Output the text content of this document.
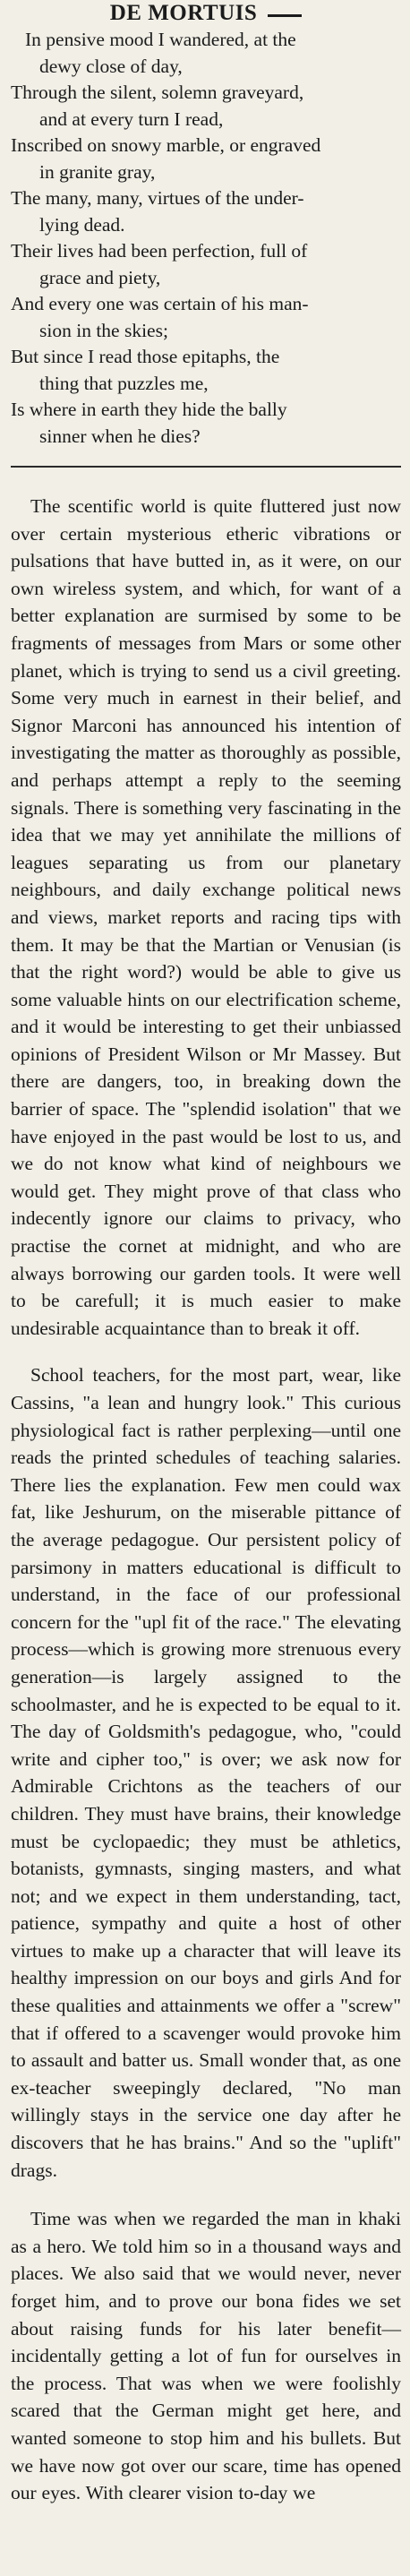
DE MORTUIS
In pensive mood I wandered, at the
dewy close of day,
Through the silent, solemn graveyard,
and at every turn I read,
Inscribed on snowy marble, or engraved
in granite gray,
The many, many, virtues of the under-
lying dead.
Their lives had been perfection, full of
grace and piety,
And every one was certain of his man-
sion in the skies;
But since I read those epitaphs, the
thing that puzzles me,
Is where in earth they hide the bally
sinner when he dies?

The scentific world is quite fluttered just now over certain mysterious etheric vibrations or pulsations that have butted in, as it were, on our own wireless system, and which, for want of a better explanation are surmised by some to be fragments of messages from Mars or some other planet, which is trying to send us a civil greeting. Some very much in earnest in their belief, and Signor Marconi has announced his intention of investigating the matter as thoroughly as possible, and perhaps attempt a reply to the seeming signals. There is something very fascinating in the idea that we may yet annihilate the millions of leagues separating us from our planetary neighbours, and daily exchange political news and views, market reports and racing tips with them. It may be that the Martian or Venusian (is that the right word?) would be able to give us some valuable hints on our electrification scheme, and it would be interesting to get their unbiassed opinions of President Wilson or Mr Massey. But there are dangers, too, in breaking down the barrier of space. The "splendid isolation" that we have enjoyed in the past would be lost to us, and we do not know what kind of neighbours we would get. They might prove of that class who indecently ignore our claims to privacy, who practise the cornet at midnight, and who are always borrowing our garden tools. It were well to be carefull; it is much easier to make undesirable acquaintance than to break it off.

School teachers, for the most part, wear, like Cassins, "a lean and hungry look." This curious physiological fact is rather perplexing—until one reads the printed schedules of teaching salaries. There lies the explanation. Few men could wax fat, like Jeshurum, on the miserable pittance of the average pedagogue. Our persistent policy of parsimony in matters educational is difficult to understand, in the face of our professional concern for the "upl fit of the race." The elevating process—which is growing more strenuous every generation—is largely assigned to the schoolmaster, and he is expected to be equal to it. The day of Goldsmith's pedagogue, who, "could write and cipher too," is over; we ask now for Admirable Crichtons as the teachers of our children. They must have brains, their knowledge must be cyclopaedic; they must be athletics, botanists, gymnasts, singing masters, and what not; and we expect in them understanding, tact, patience, sympathy and quite a host of other virtues to make up a character that will leave its healthy impression on our boys and girls And for these qualities and attainments we offer a "screw" that if offered to a scavenger would provoke him to assault and batter us. Small wonder that, as one ex-teacher sweepingly declared, "No man willingly stays in the service one day after he discovers that he has brains." And so the "uplift" drags.

Time was when we regarded the man in khaki as a hero. We told him so in a thousand ways and places. We also said that we would never, never forget him, and to prove our bona fides we set about raising funds for his later benefit—incidentally getting a lot of fun for ourselves in the process. That was when we were foolishly scared that the German might get here, and wanted someone to stop him and his bullets. But we have now got over our scare, time has opened our eyes. With clearer vision to-day we
